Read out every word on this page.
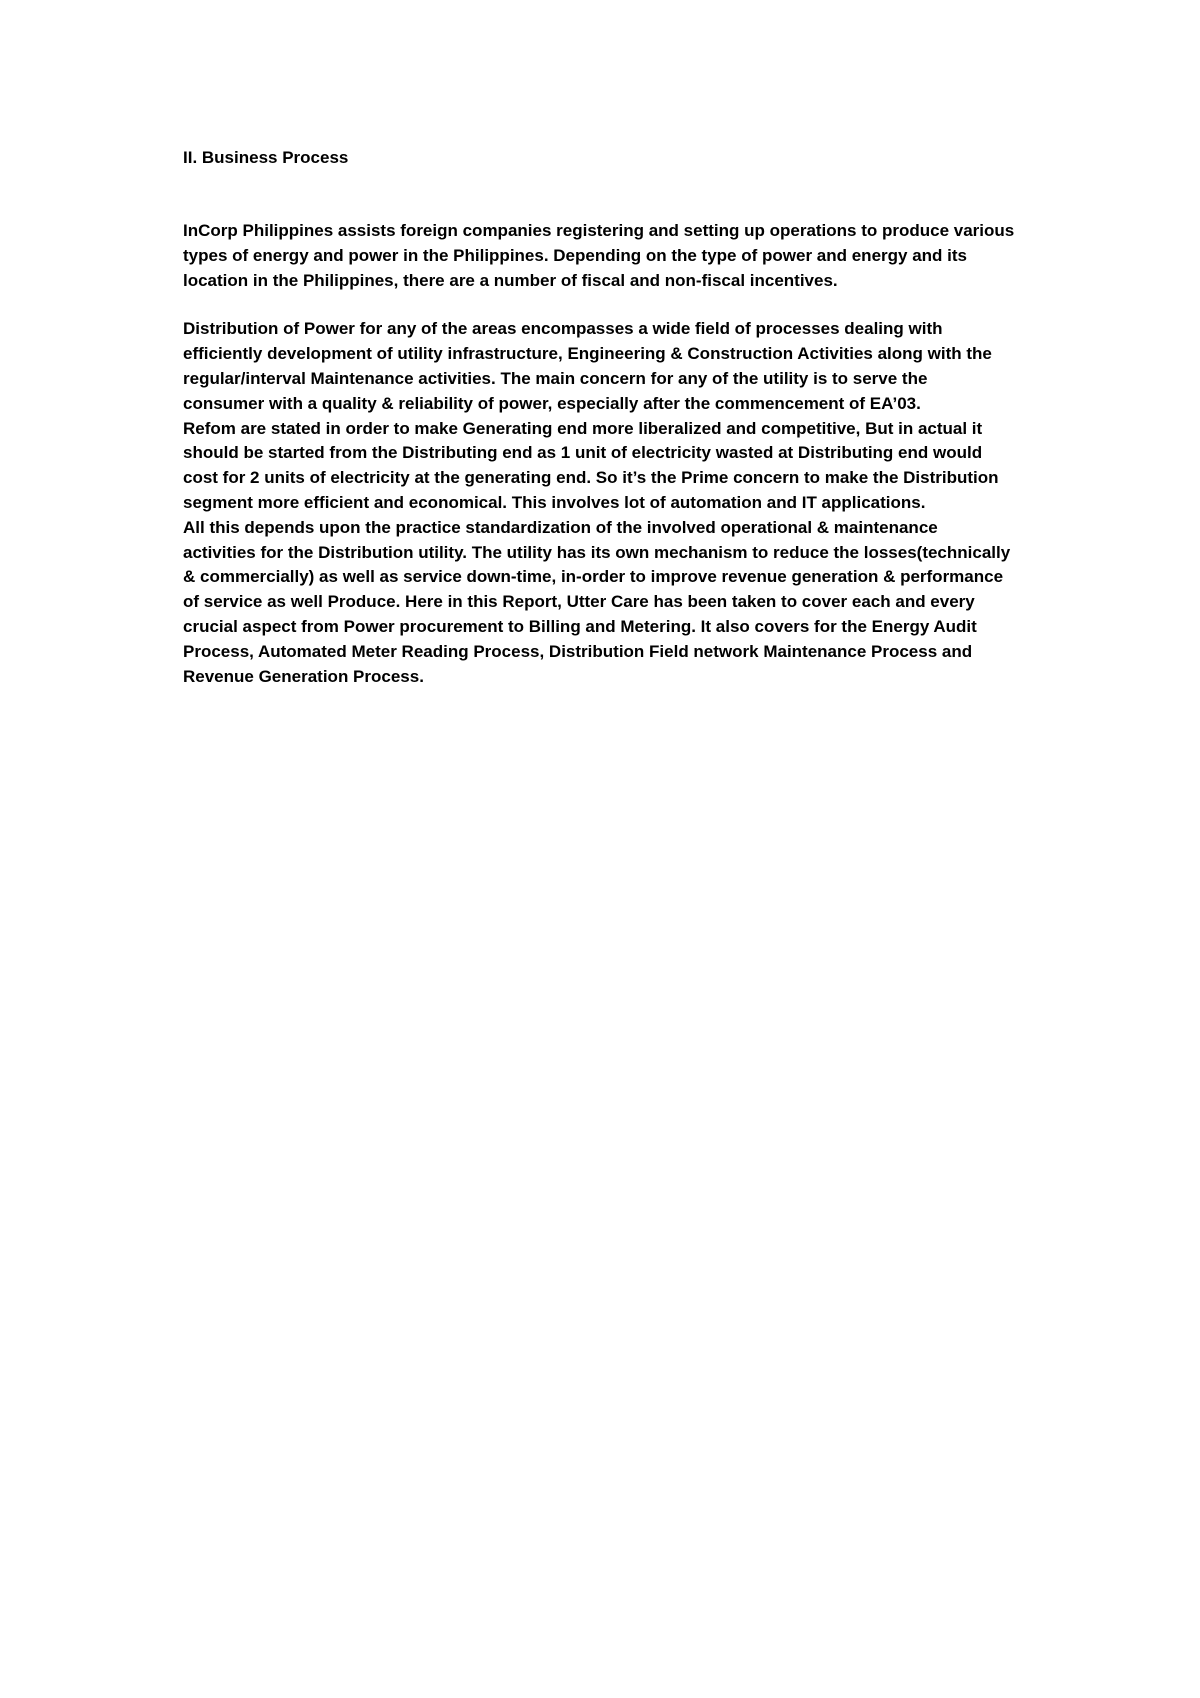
II. Business Process
InCorp Philippines assists foreign companies registering and setting up operations to produce various
types of energy and power in the Philippines. Depending on the type of power and energy and its
location in the Philippines, there are a number of fiscal and non-fiscal incentives.
Distribution of Power for any of the areas encompasses a wide field of processes dealing with
efficiently development of utility infrastructure, Engineering & Construction Activities along with the
regular/interval Maintenance activities. The main concern for any of the utility is to serve the
consumer with a quality & reliability of power, especially after the commencement of EA’03.
Refom are stated in order to make Generating end more liberalized and competitive, But in actual it
should be started from the Distributing end as 1 unit of electricity wasted at Distributing end would
cost for 2 units of electricity at the generating end. So it’s the Prime concern to make the Distribution
segment more efficient and economical. This involves lot of automation and IT applications.
All this depends upon the practice standardization of the involved operational & maintenance
activities for the Distribution utility. The utility has its own mechanism to reduce the losses(technically
& commercially) as well as service down-time, in-order to improve revenue generation & performance
of service as well Produce. Here in this Report, Utter Care has been taken to cover each and every
crucial aspect from Power procurement to Billing and Metering. It also covers for the Energy Audit
Process, Automated Meter Reading Process, Distribution Field network Maintenance Process and
Revenue Generation Process.
